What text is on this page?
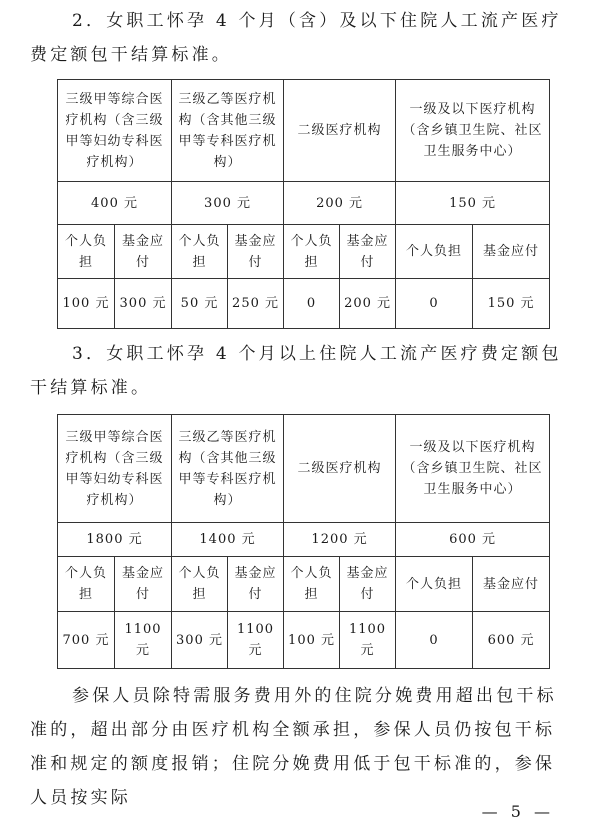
2．女职工怀孕 4 个月（含）及以下住院人工流产医疗费定额包干结算标准。

三级甲等综合医疗机构（含三级甲等妇幼专科医疗机构）		三级乙等医疗机构（含其他三级甲等专科医疗机构）		二级医疗机构		一级及以下医疗机构（含乡镇卫生院、社区卫生服务中心）	
400 元		300 元		200 元		150 元	
个人负担	基金应付	个人负担	基金应付	个人负担	基金应付	个人负担	基金应付
100 元	300 元	50 元	250 元	0	200 元	0	150 元

3．女职工怀孕 4 个月以上住院人工流产医疗费定额包干结算标准。

三级甲等综合医疗机构（含三级甲等妇幼专科医疗机构）		三级乙等医疗机构（含其他三级甲等专科医疗机构）		二级医疗机构		一级及以下医疗机构（含乡镇卫生院、社区卫生服务中心）	
1800 元		1400 元		1200 元		600 元	
个人负担	基金应付	个人负担	基金应付	个人负担	基金应付	个人负担	基金应付
700 元	1100 元	300 元	1100 元	100 元	1100 元	0	600 元

参保人员除特需服务费用外的住院分娩费用超出包干标准的，超出部分由医疗机构全额承担，参保人员仍按包干标准和规定的额度报销；住院分娩费用低于包干标准的，参保人员按实际

— 5 —
